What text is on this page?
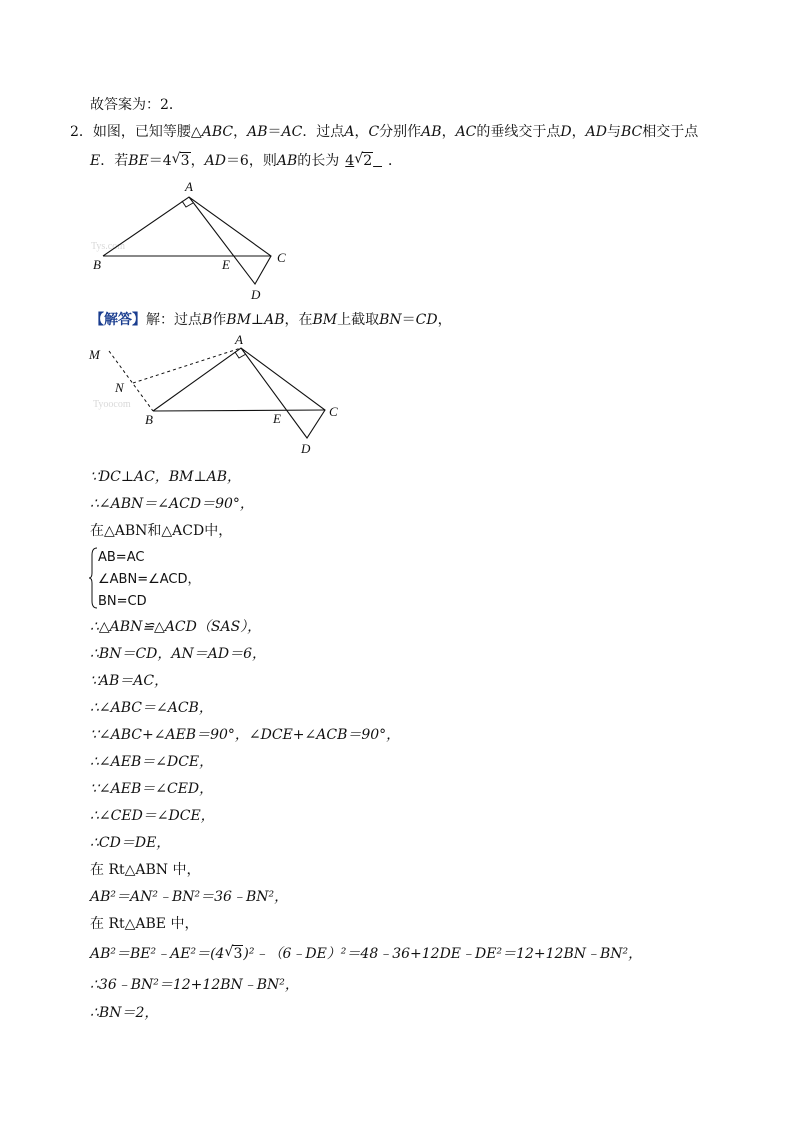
故答案为：2．
2．如图，已知等腰△ABC，AB＝AC．过点A，C分别作AB，AC的垂线交于点D，AD与BC相交于点
E．若BE＝4 √ 3，AD＝6，则AB的长为 4 √ 2 ．
Tys.com
A
B	C
D
E
【解答】解：过点B作BM⊥AB，在BM上截取BN＝CD，
Tyoocom
A
B
C
D
E
M
N
∵DC⊥AC，BM⊥AB，
∴∠ABN＝∠ACD＝90°，
在△ABN和△ACD中，
AB=AC
∠ABN=∠ACD，
BN=CD
∴△ABN≌△ACD（SAS），
∴BN＝CD，AN＝AD＝6，
∵AB＝AC，
∴∠ABC＝∠ACB，
∵∠ABC+∠AEB＝90°，∠DCE+∠ACB＝90°，
∴∠AEB＝∠DCE，
∵∠AEB＝∠CED，
∴∠CED＝∠DCE，
∴CD＝DE，
在 Rt△ABN 中，
AB²＝AN²﹣BN²＝36﹣BN²，
在 Rt△ABE 中，
AB²＝BE²﹣AE²＝(4 √ 3)²﹣（6﹣DE）²＝48﹣36+12DE﹣DE²＝12+12BN﹣BN²，
∴36﹣BN²＝12+12BN﹣BN²，
∴BN＝2，
